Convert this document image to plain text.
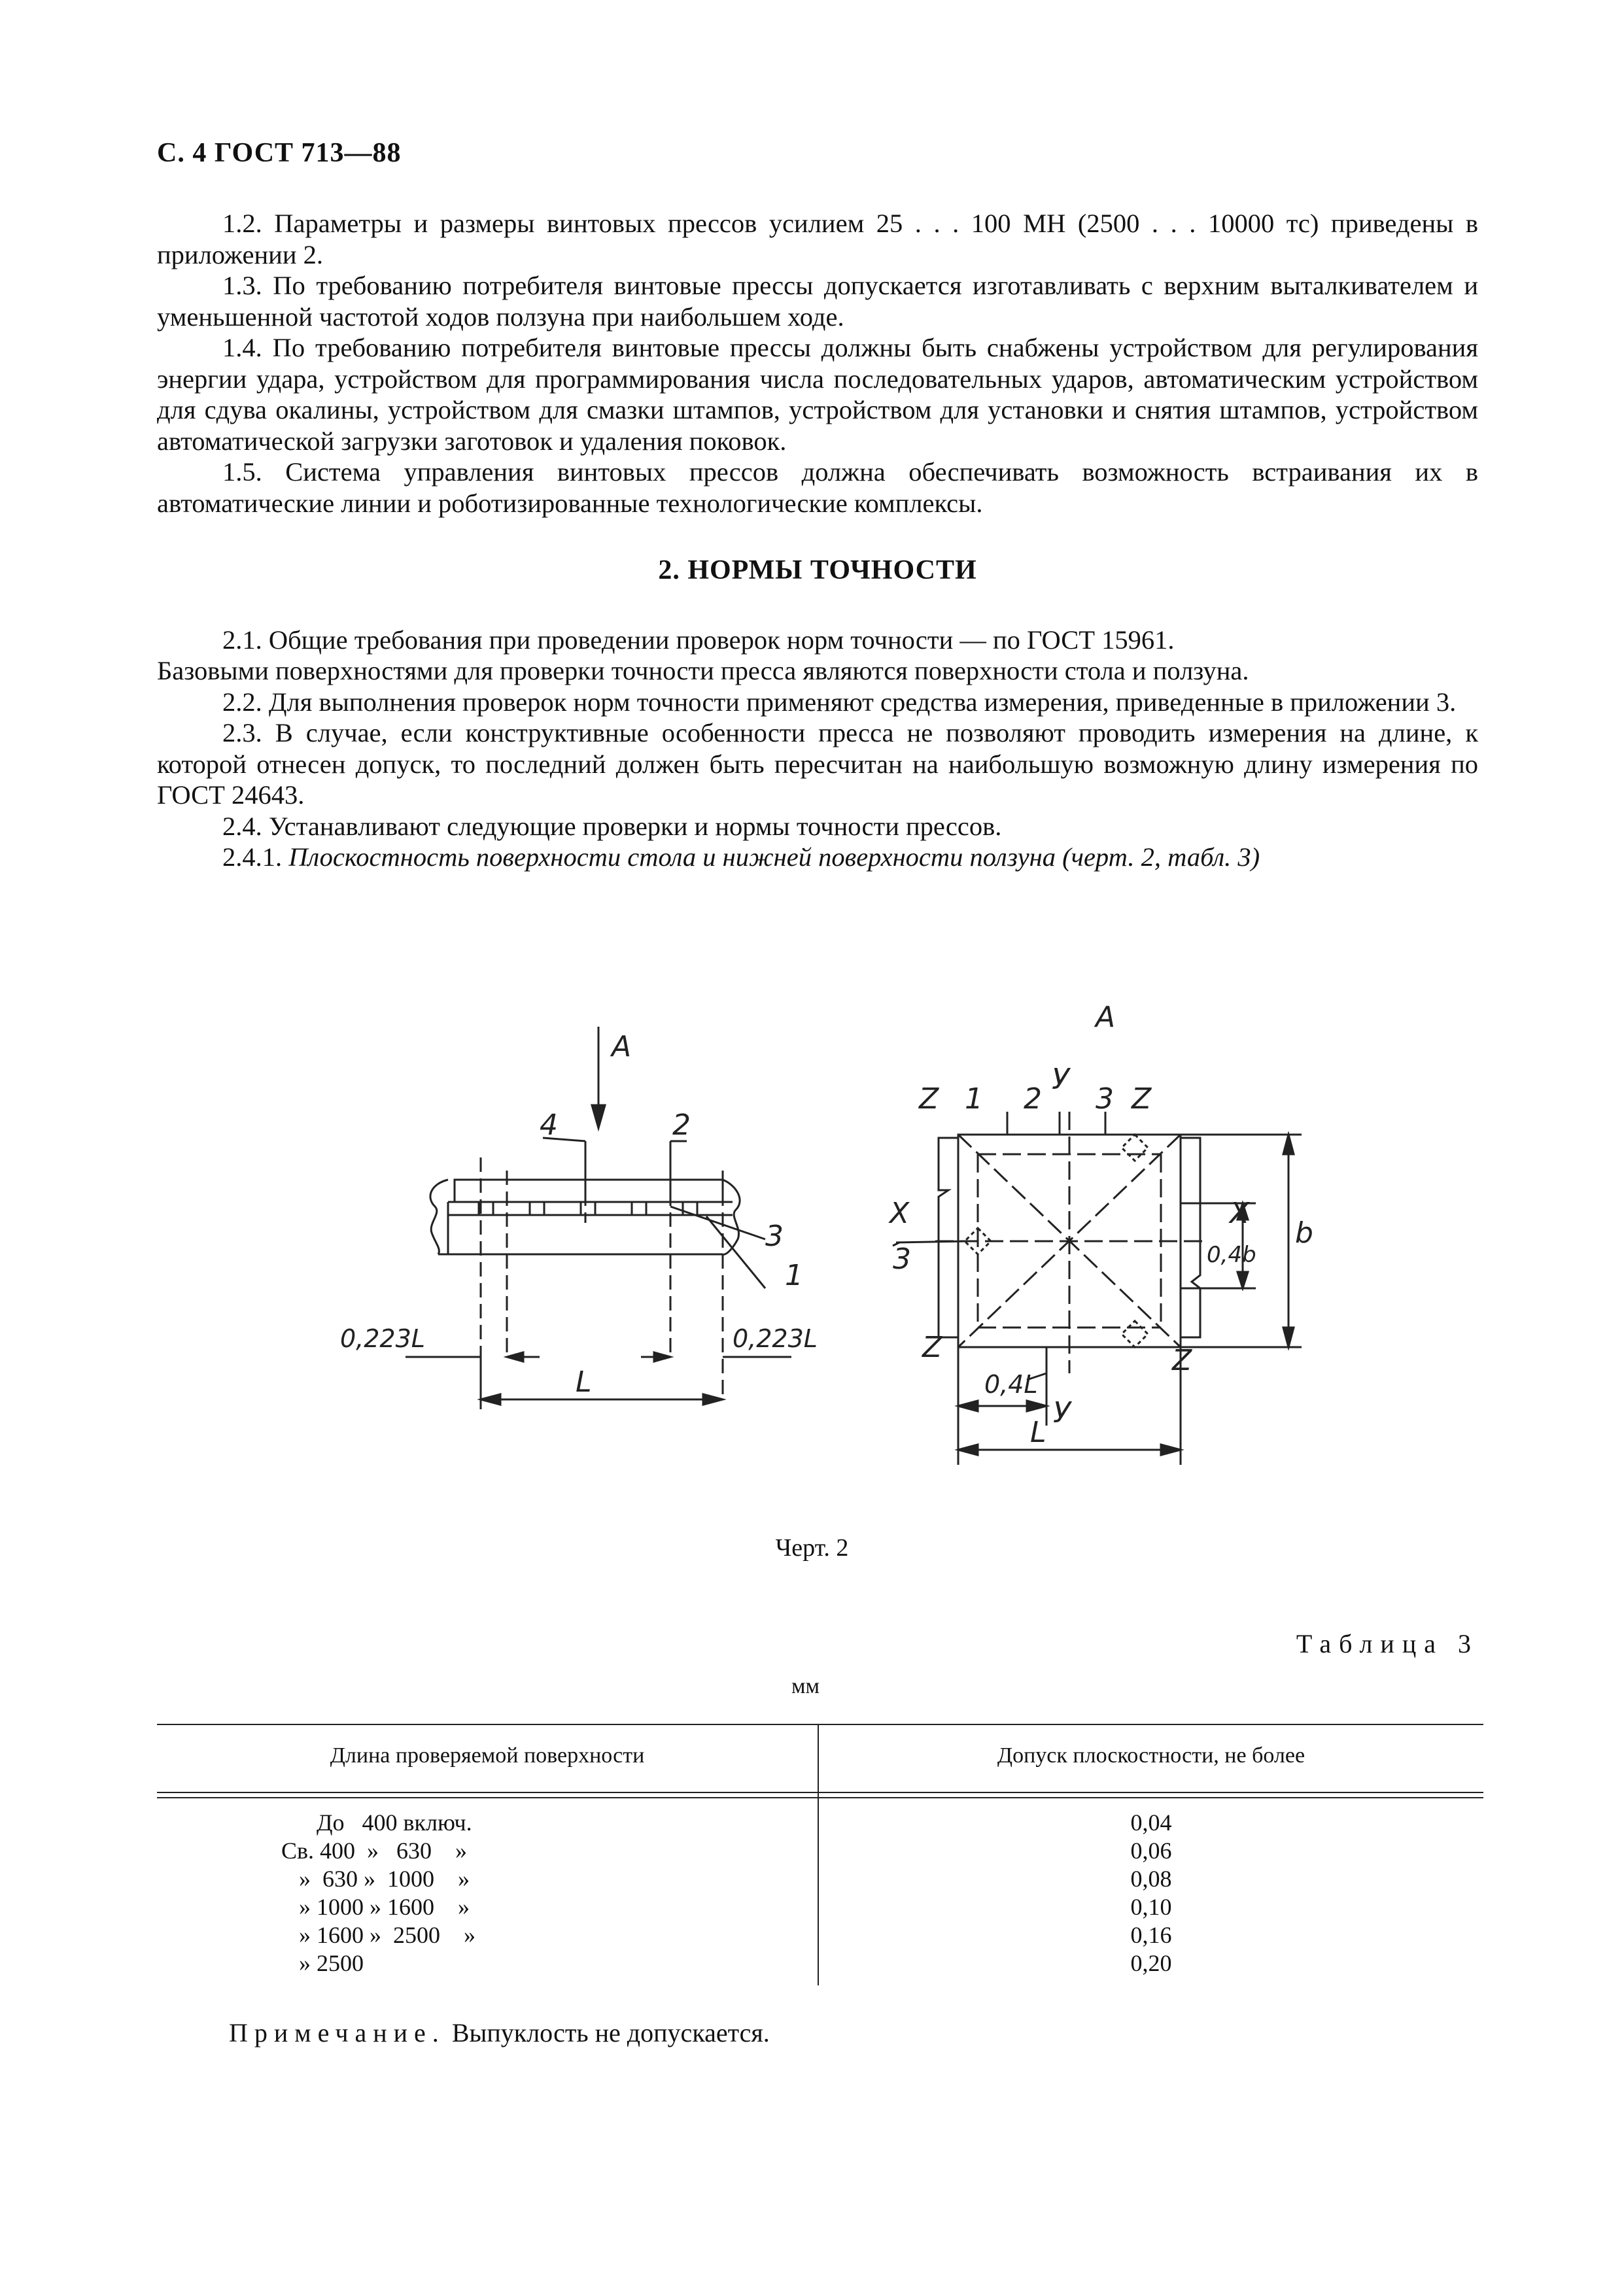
С. 4 ГОСТ 713—88

1.2. Параметры и размеры винтовых прессов усилием 25 . . . 100 МН (2500 . . . 10000 тс) приведены в приложении 2.

1.3. По требованию потребителя винтовые прессы допускается изготавливать с верхним выталкивателем и уменьшенной частотой ходов ползуна при наибольшем ходе.

1.4. По требованию потребителя винтовые прессы должны быть снабжены устройством для регулирования энергии удара, устройством для программирования числа последовательных ударов, автоматическим устройством для сдува окалины, устройством для смазки штампов, устройством для установки и снятия штампов, устройством автоматической загрузки заготовок и удаления поковок.

1.5. Система управления винтовых прессов должна обеспечивать возможность встраивания их в автоматические линии и роботизированные технологические комплексы.

2. НОРМЫ ТОЧНОСТИ

2.1. Общие требования при проведении проверок норм точности — по ГОСТ 15961.

Базовыми поверхностями для проверки точности пресса являются поверхности стола и ползуна.

2.2. Для выполнения проверок норм точности применяют средства измерения, приведенные в приложении 3.

2.3. В случае, если конструктивные особенности пресса не позволяют проводить измерения на длине, к которой отнесен допуск, то последний должен быть пересчитан на наибольшую возможную длину измерения по ГОСТ 24643.

2.4. Устанавливают следующие проверки и нормы точности прессов.

2.4.1. Плоскостность поверхности стола и нижней поверхности ползуна (черт. 2, табл. 3)

A
4	2
3
1
0,223L	0,223L
L
A
Z 1 2
У
3 Z
X	X
3
Z	Z
b
0,4b
0,4L
У
L
Черт. 2
Таблица 3
мм
Длина проверяемой поверхности	Допуск плоскостности, не более
До   400 включ.	0,04
Св. 400  »   630    »	0,06
»  630 »  1000    »	0,08
» 1000 » 1600    »	0,10
» 1600 »  2500    »	0,16
» 2500	0,20
Примечание. Выпуклость не допускается.
